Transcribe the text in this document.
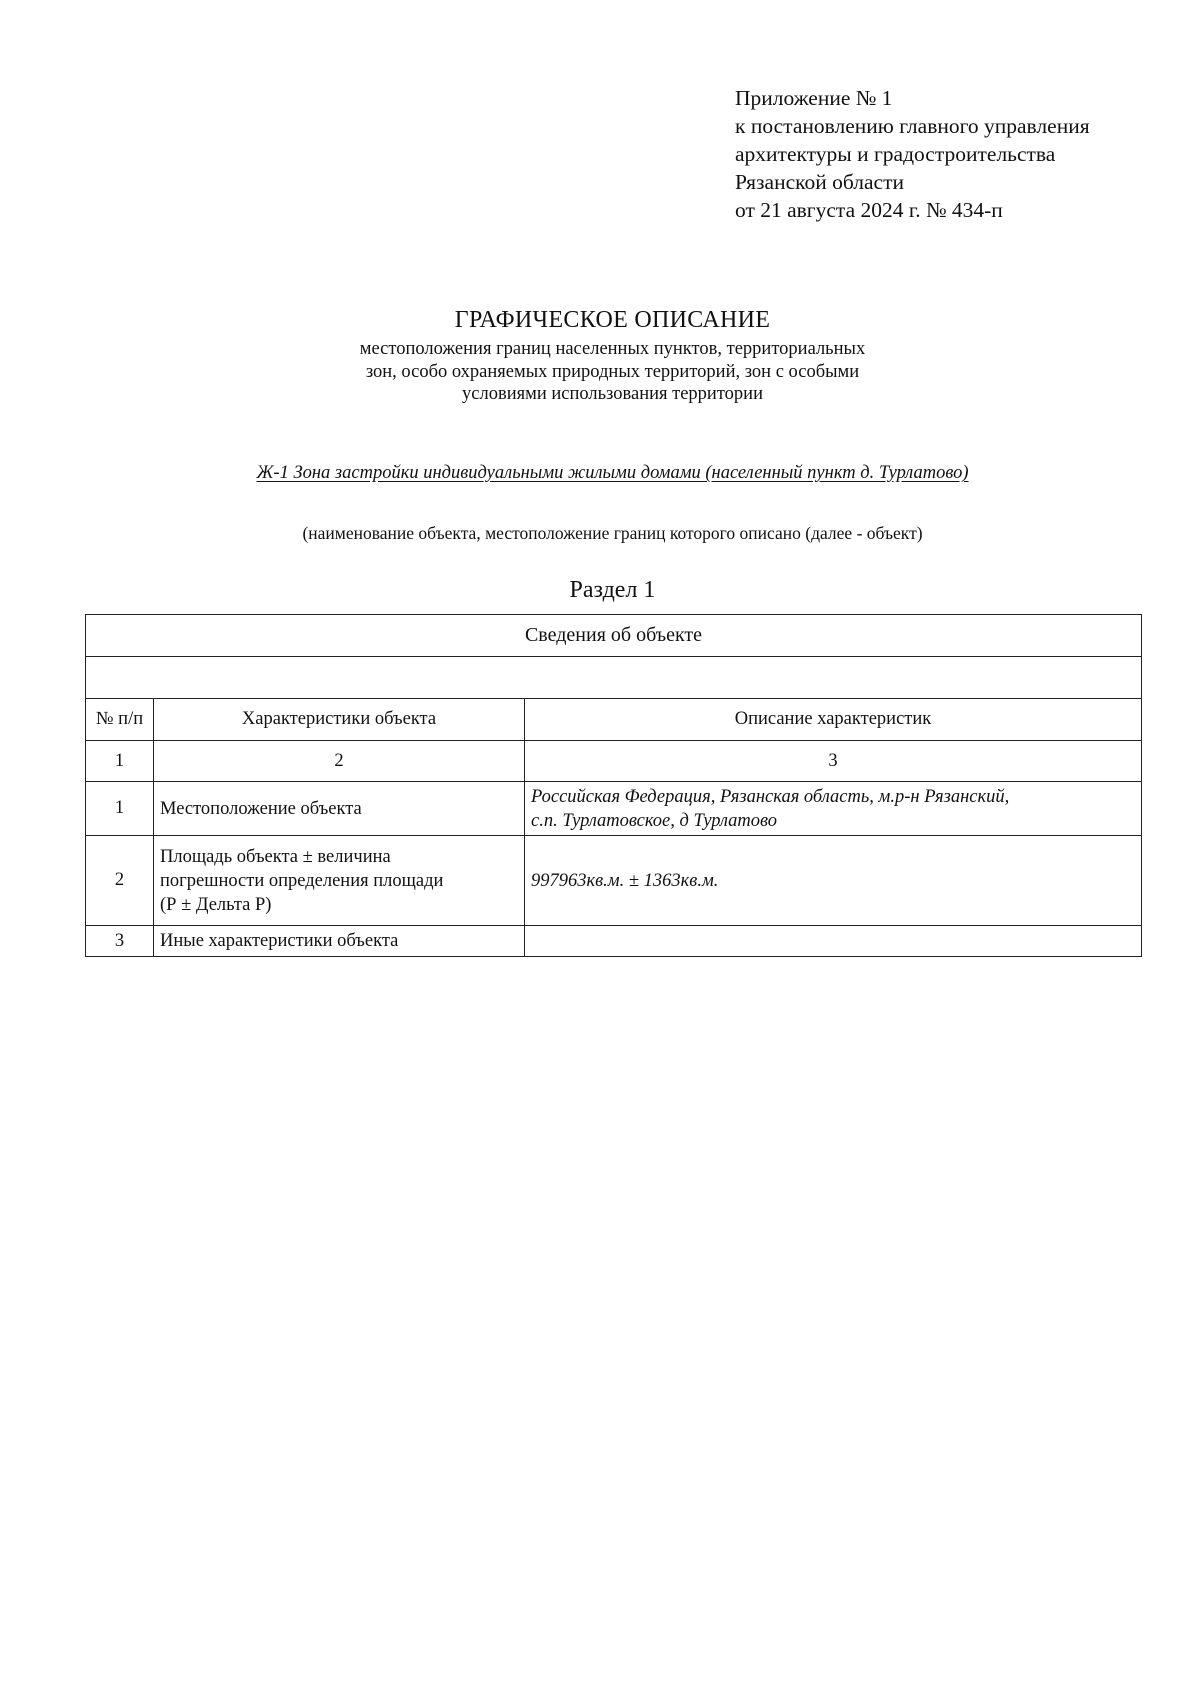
Приложение № 1
к постановлению главного управления
архитектуры и градостроительства
Рязанской области
от 21 августа 2024 г. № 434-п
ГРАФИЧЕСКОЕ ОПИСАНИЕ
местоположения границ населенных пунктов, территориальных
зон, особо охраняемых природных территорий, зон с особыми
условиями использования территории
Ж-1 Зона застройки индивидуальными жилыми домами (населенный пункт д. Турлатово)
(наименование объекта, местоположение границ которого описано (далее - объект)
Раздел 1
Сведения об объекте		

№ п/п	Характеристики объекта	Описание характеристик
1	2	3
1	Местоположение объекта	Российская Федерация, Рязанская область, м.р-н Рязанский,
с.п. Турлатовское, д Турлатово

2	Площадь объекта ± величина
погрешности определения площади
(Р ± Дельта Р)	997963кв.м. ± 1363кв.м.

3	Иные характеристики объекта	
